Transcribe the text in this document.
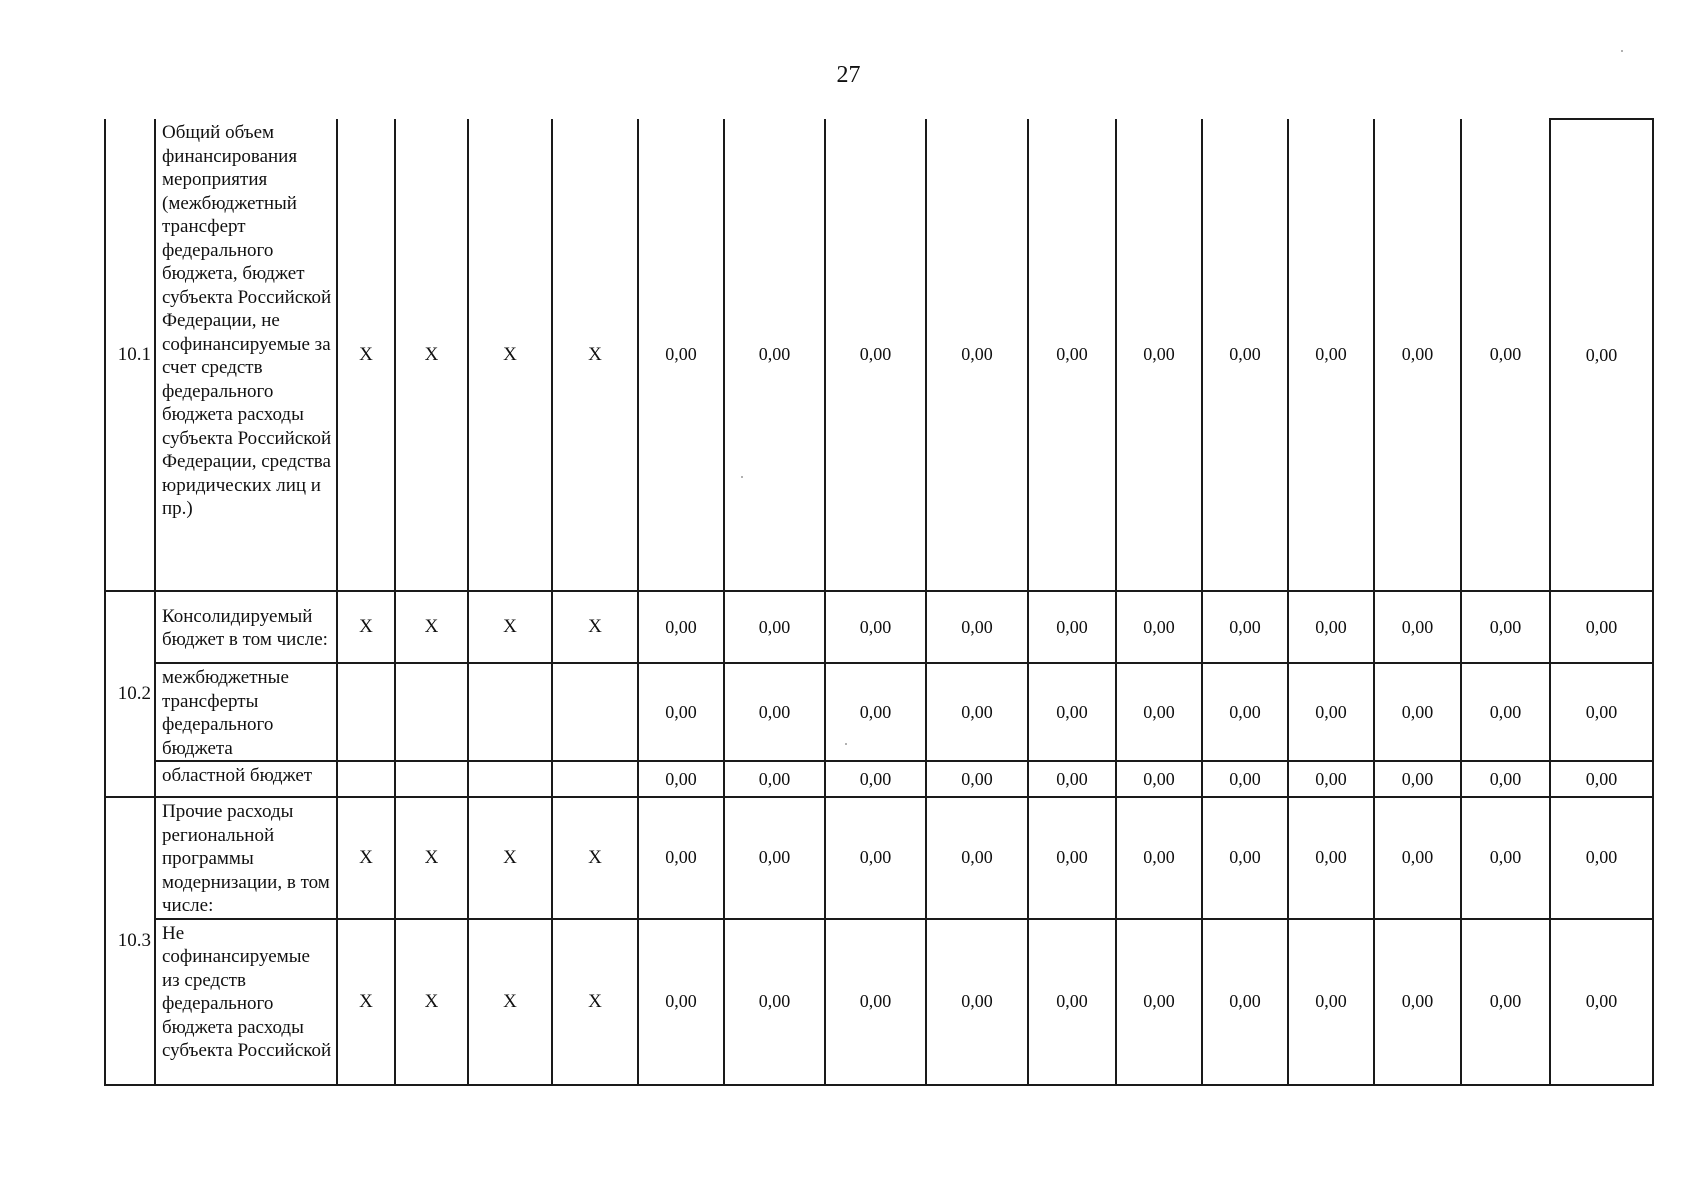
27
10.1	Общий объем финансирования мероприятия (межбюджетный трансферт федерального бюджета, бюджет субъекта Российской Федерации, не софинансируемые за счет средств федерального бюджета расходы субъекта Российской Федерации, средства юридических лиц и пр.)	X	X	X	X	0,00	0,00	0,00	0,00	0,00	0,00	0,00	0,00	0,00	0,00	0,00
10.2	Консолидируемый бюджет в том числе:	X	X	X	X	0,00	0,00	0,00	0,00	0,00	0,00	0,00	0,00	0,00	0,00	0,00
	межбюджетные трансферты федерального бюджета					0,00	0,00	0,00	0,00	0,00	0,00	0,00	0,00	0,00	0,00	0,00
	областной бюджет					0,00	0,00	0,00	0,00	0,00	0,00	0,00	0,00	0,00	0,00	0,00
10.3	Прочие расходы региональной программы модернизации, в том числе:	X	X	X	X	0,00	0,00	0,00	0,00	0,00	0,00	0,00	0,00	0,00	0,00	0,00
	Не софинансируемые из средств федерального бюджета расходы субъекта Российской	X	X	X	X	0,00	0,00	0,00	0,00	0,00	0,00	0,00	0,00	0,00	0,00	0,00
